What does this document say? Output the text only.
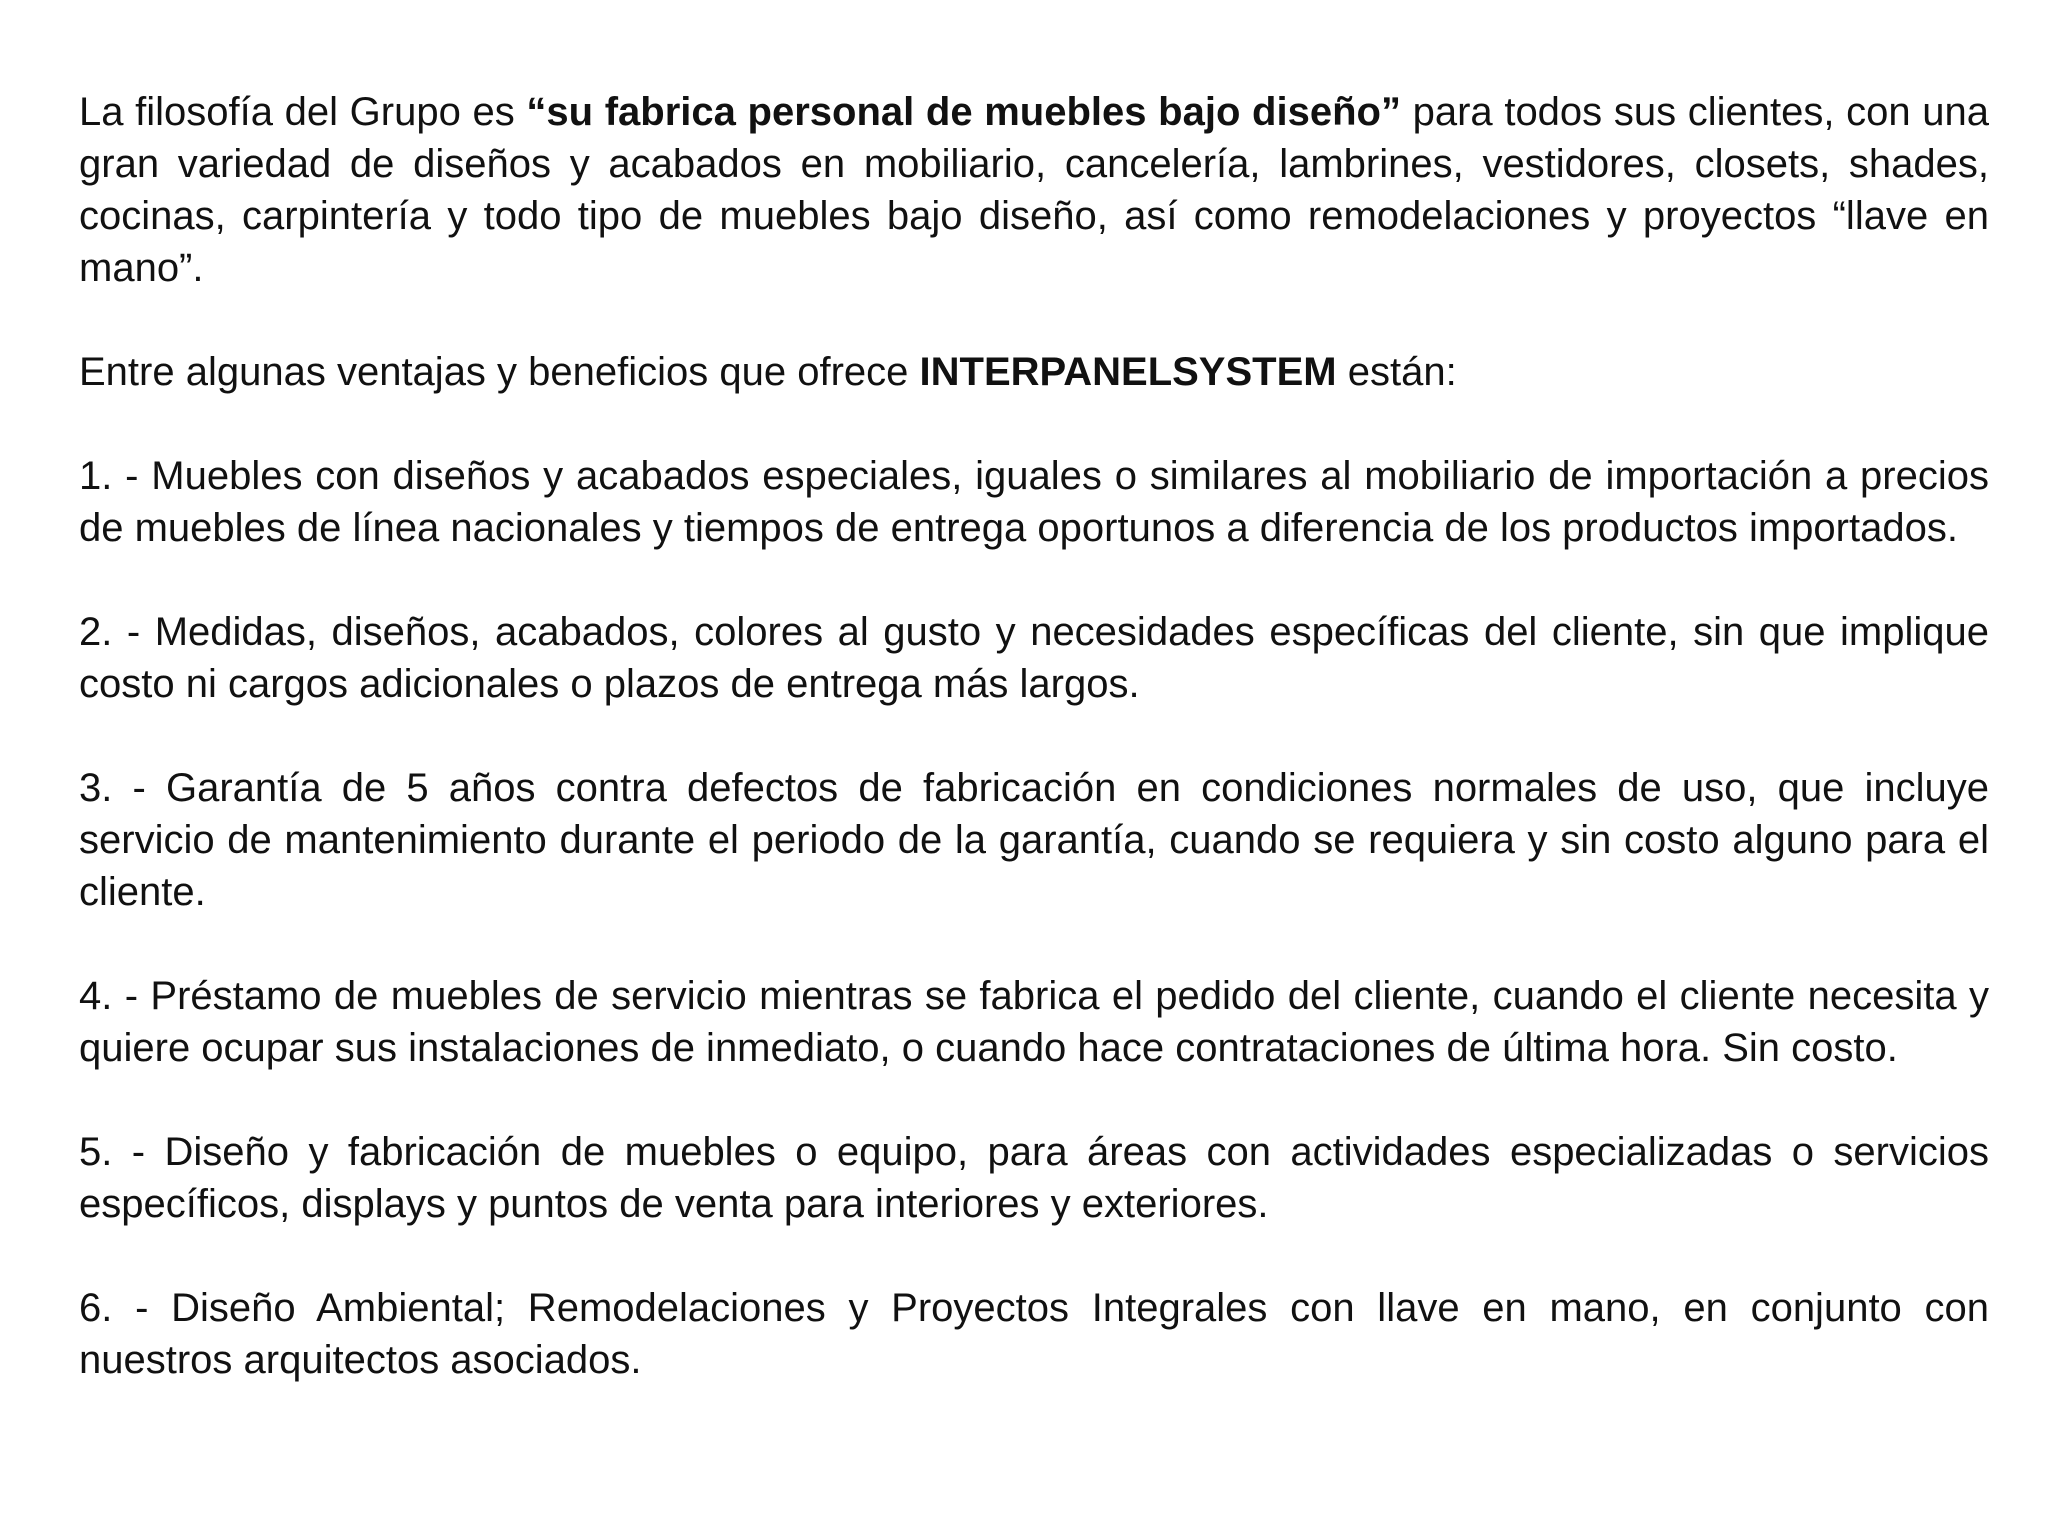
La filosofía del Grupo es “su fabrica personal de muebles bajo diseño” para todos sus clientes, con una gran variedad de diseños y acabados en mobiliario, cancelería, lambrines, vestidores, closets, shades, cocinas, carpintería y todo tipo de muebles bajo diseño, así como remodelaciones y proyectos “llave en mano”.

Entre algunas ventajas y beneficios que ofrece INTERPANELSYSTEM están:

1. - Muebles con diseños y acabados especiales, iguales o similares al mobiliario de importación a precios de muebles de línea nacionales y tiempos de entrega oportunos a diferencia de los productos importados.

2. - Medidas, diseños, acabados, colores al gusto y necesidades específicas del cliente, sin que implique costo ni cargos adicionales o plazos de entrega más largos.

3. - Garantía de 5 años contra defectos de fabricación en condiciones normales de uso, que incluye servicio de mantenimiento durante el periodo de la garantía, cuando se requiera y sin costo alguno para el cliente.

4. - Préstamo de muebles de servicio mientras se fabrica el pedido del cliente, cuando el cliente necesita y quiere ocupar sus instalaciones de inmediato, o cuando hace contrataciones de última hora. Sin costo.

5. - Diseño y fabricación de muebles o equipo, para áreas con actividades especializadas o servicios específicos, displays y puntos de venta para interiores y exteriores.

6. - Diseño Ambiental; Remodelaciones y Proyectos Integrales con llave en mano, en conjunto con nuestros arquitectos asociados.
